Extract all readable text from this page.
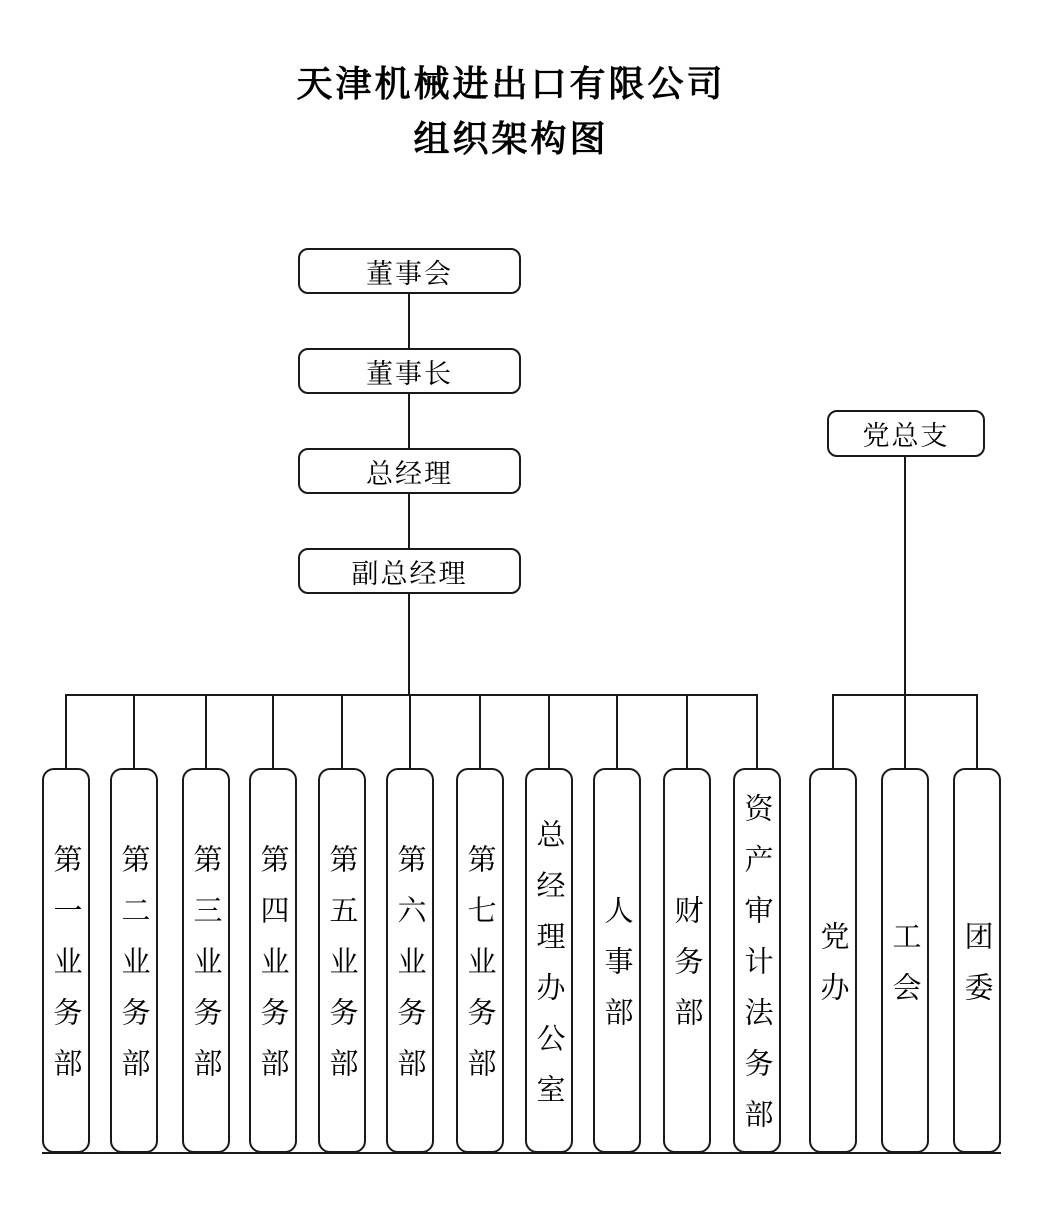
天津机械进出口有限公司
组织架构图
董事会
董事长
总经理
副总经理
党总支
第一业务部 第二业务部 第三业务部 第四业务部 第五业务部 第六业务部 第七业务部 总经理办公室 人事部 财务部 资产审计法务部 党办 工会 团委
